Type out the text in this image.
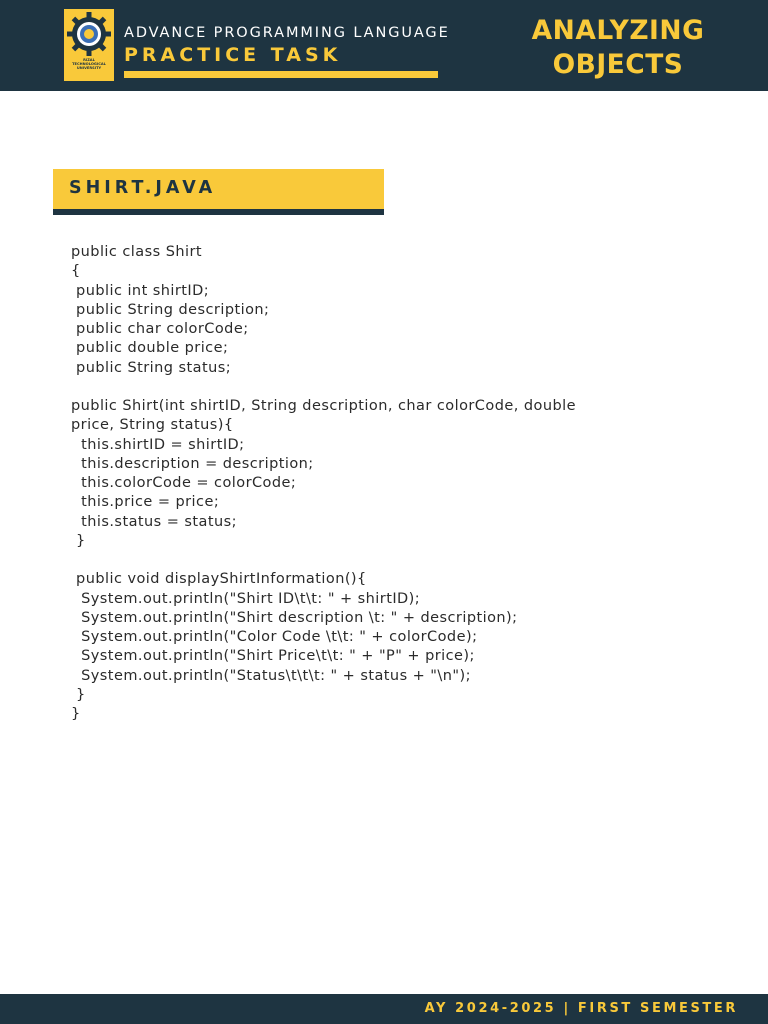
RIZAL TECHNOLOGICAL UNIVERSITY
ADVANCE PROGRAMMING LANGUAGE
PRACTICE TASK
ANALYZING
OBJECTS
SHIRT.JAVA
public class Shirt
{
public int shirtID;
public String description;
public char colorCode;
public double price;
public String status;

public Shirt(int shirtID, String description, char colorCode, double
price, String status){
this.shirtID = shirtID;
this.description = description;
this.colorCode = colorCode;
this.price = price;
this.status = status;
}

public void displayShirtInformation(){
System.out.println("Shirt ID\t\t: " + shirtID);
System.out.println("Shirt description \t: " + description);
System.out.println("Color Code \t\t: " + colorCode);
System.out.println("Shirt Price\t\t: " + "P" + price);
System.out.println("Status\t\t\t: " + status + "\n");
}
}
AY 2024-2025 | FIRST SEMESTER
